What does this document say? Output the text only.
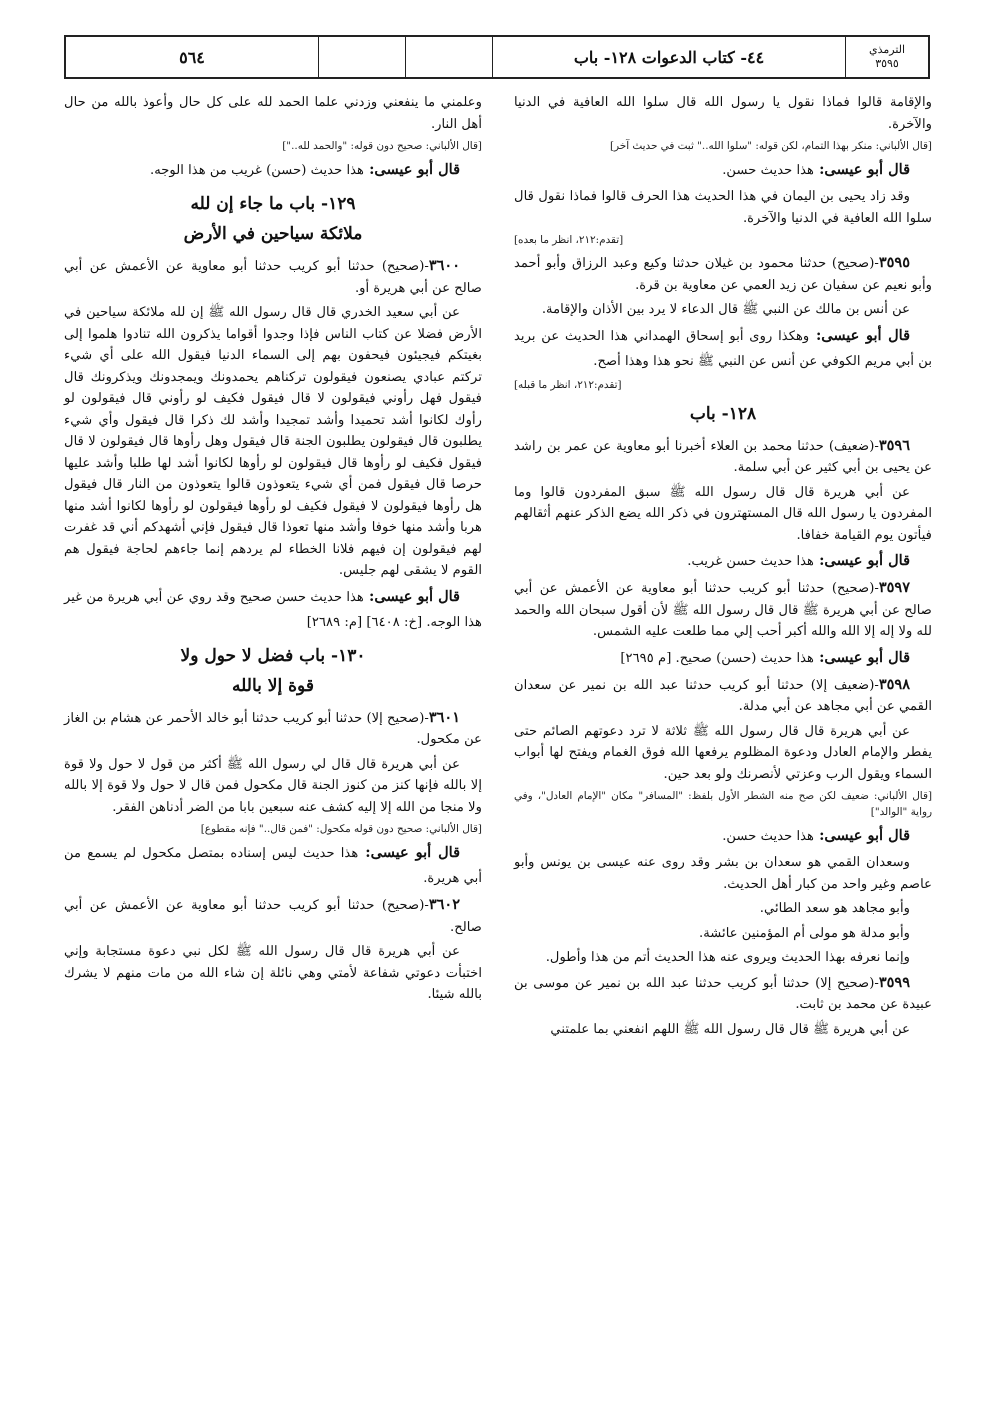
الترمذي
٣٥٩٥
٤٤- كتاب الدعوات ١٢٨- باب
٥٦٤

والإقامة قالوا فماذا نقول يا رسول الله قال سلوا الله العافية في الدنيا والآخرة.

[قال الألباني: منكر بهذا التمام، لكن قوله: "سلوا الله.." ثبت في حديث آخر]

قال أبو عيسى: هذا حديث حسن.

وقد زاد يحيى بن اليمان في هذا الحديث هذا الحرف قالوا فماذا نقول قال سلوا الله العافية في الدنيا والآخرة.

[تقدم:٢١٢، انظر ما بعده]

٣٥٩٥-(صحيح) حدثنا محمود بن غيلان حدثنا وكيع وعبد الرزاق وأبو أحمد وأبو نعيم عن سفيان عن زيد العمي عن معاوية بن قرة.

عن أنس بن مالك عن النبي ﷺ قال الدعاء لا يرد بين الأذان والإقامة.

قال أبو عيسى: وهكذا روى أبو إسحاق الهمداني هذا الحديث عن بريد بن أبي مريم الكوفي عن أنس عن النبي ﷺ نحو هذا وهذا أصح.

[تقدم:٢١٢، انظر ما قبله]

١٢٨- باب

٣٥٩٦-(ضعيف) حدثنا محمد بن العلاء أخبرنا أبو معاوية عن عمر بن راشد عن يحيى بن أبي كثير عن أبي سلمة.

عن أبي هريرة قال قال رسول الله ﷺ سبق المفردون قالوا وما المفردون يا رسول الله قال المستهترون في ذكر الله يضع الذكر عنهم أثقالهم فيأتون يوم القيامة خفافا.

قال أبو عيسى: هذا حديث حسن غريب.

٣٥٩٧-(صحيح) حدثنا أبو كريب حدثنا أبو معاوية عن الأعمش عن أبي صالح عن أبي هريرة ﷺ قال قال رسول الله ﷺ لأن أقول سبحان الله والحمد لله ولا إله إلا الله والله أكبر أحب إلي مما طلعت عليه الشمس.

قال أبو عيسى: هذا حديث (حسن) صحيح. [م ٢٦٩٥]

٣٥٩٨-(ضعيف إلا) حدثنا أبو كريب حدثنا عبد الله بن نمير عن سعدان القمي عن أبي مجاهد عن أبي مدلة.

عن أبي هريرة قال قال رسول الله ﷺ ثلاثة لا ترد دعوتهم الصائم حتى يفطر والإمام العادل ودعوة المظلوم يرفعها الله فوق الغمام ويفتح لها أبواب السماء ويقول الرب وعزتي لأنصرنك ولو بعد حين.

[قال الألباني: ضعيف لكن صح منه الشطر الأول بلفظ: "المسافر" مكان "الإمام العادل"، وفي رواية "الوالد"]

قال أبو عيسى: هذا حديث حسن.

وسعدان القمي هو سعدان بن بشر وقد روى عنه عيسى بن يونس وأبو عاصم وغير واحد من كبار أهل الحديث.

وأبو مجاهد هو سعد الطائي.

وأبو مدلة هو مولى أم المؤمنين عائشة.

وإنما نعرفه بهذا الحديث ويروى عنه هذا الحديث أتم من هذا وأطول.

٣٥٩٩-(صحيح إلا) حدثنا أبو كريب حدثنا عبد الله بن نمير عن موسى بن عبيدة عن محمد بن ثابت.

عن أبي هريرة ﷺ قال قال رسول الله ﷺ اللهم انفعني بما علمتني

وعلمني ما ينفعني وزدني علما الحمد لله على كل حال وأعوذ بالله من حال أهل النار.

[قال الألباني: صحيح دون قوله: "والحمد لله.."]

قال أبو عيسى: هذا حديث (حسن) غريب من هذا الوجه.

١٢٩- باب ما جاء إن لله
ملائكة سياحين في الأرض

٣٦٠٠-(صحيح) حدثنا أبو كريب حدثنا أبو معاوية عن الأعمش عن أبي صالح عن أبي هريرة أو.

عن أبي سعيد الخدري قال قال رسول الله ﷺ إن لله ملائكة سياحين في الأرض فضلا عن كتاب الناس فإذا وجدوا أقواما يذكرون الله تنادوا هلموا إلى بغيتكم فيجيئون فيحفون بهم إلى السماء الدنيا فيقول الله على أي شيء تركتم عبادي يصنعون فيقولون تركناهم يحمدونك ويمجدونك ويذكرونك قال فيقول فهل رأوني فيقولون لا قال فيقول فكيف لو رأوني قال فيقولون لو رأوك لكانوا أشد تحميدا وأشد تمجيدا وأشد لك ذكرا قال فيقول وأي شيء يطلبون قال فيقولون يطلبون الجنة قال فيقول وهل رأوها قال فيقولون لا قال فيقول فكيف لو رأوها قال فيقولون لو رأوها لكانوا أشد لها طلبا وأشد عليها حرصا قال فيقول فمن أي شيء يتعوذون قالوا يتعوذون من النار قال فيقول هل رأوها فيقولون لا فيقول فكيف لو رأوها فيقولون لو رأوها لكانوا أشد منها هربا وأشد منها خوفا وأشد منها تعوذا قال فيقول فإني أشهدكم أني قد غفرت لهم فيقولون إن فيهم فلانا الخطاء لم يردهم إنما جاءهم لحاجة فيقول هم القوم لا يشقى لهم جليس.

قال أبو عيسى: هذا حديث حسن صحيح وقد روي عن أبي هريرة من غير هذا الوجه. [خ: ٦٤٠٨] [م: ٢٦٨٩]

١٣٠- باب فضل لا حول ولا
قوة إلا بالله

٣٦٠١-(صحيح إلا) حدثنا أبو كريب حدثنا أبو خالد الأحمر عن هشام بن الغاز عن مكحول.

عن أبي هريرة قال قال لي رسول الله ﷺ أكثر من قول لا حول ولا قوة إلا بالله فإنها كنز من كنوز الجنة قال مكحول فمن قال لا حول ولا قوة إلا بالله ولا منجا من الله إلا إليه كشف عنه سبعين بابا من الضر أدناهن الفقر.

[قال الألباني: صحيح دون قوله مكحول: "فمن قال.." فإنه مقطوع]

قال أبو عيسى: هذا حديث ليس إسناده بمتصل مكحول لم يسمع من أبي هريرة.

٣٦٠٢-(صحيح) حدثنا أبو كريب حدثنا أبو معاوية عن الأعمش عن أبي صالح.

عن أبي هريرة قال قال رسول الله ﷺ لكل نبي دعوة مستجابة وإني اختبأت دعوتي شفاعة لأمتي وهي نائلة إن شاء الله من مات منهم لا يشرك بالله شيئا.
